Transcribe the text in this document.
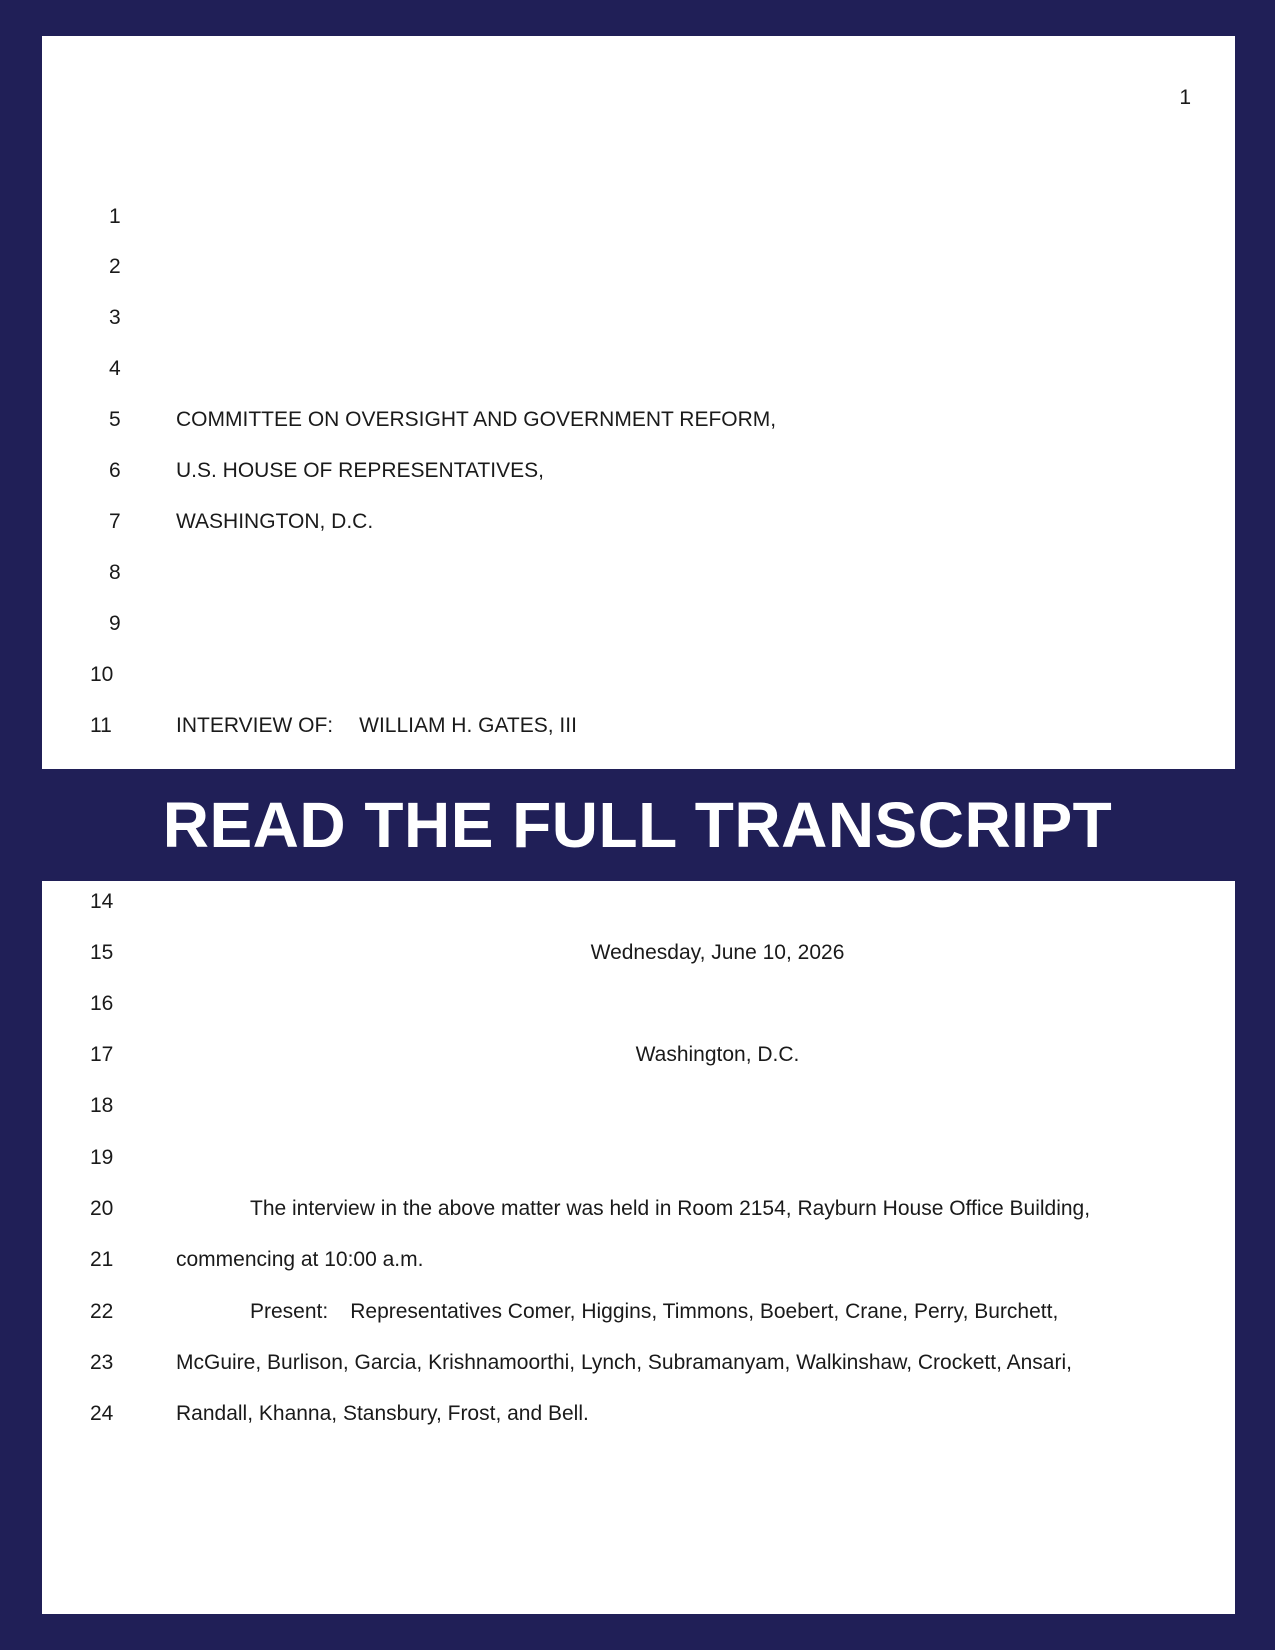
1
1
2
3
4
5	COMMITTEE ON OVERSIGHT AND GOVERNMENT REFORM,
6	U.S. HOUSE OF REPRESENTATIVES,
7	WASHINGTON, D.C.
8
9
10
11	INTERVIEW OF: WILLIAM H. GATES, III
READ THE FULL TRANSCRIPT
14
15	Wednesday, June 10, 2026
16
17	Washington, D.C.
18
19
20	The interview in the above matter was held in Room 2154, Rayburn House Office Building,
21	commencing at 10:00 a.m.
22	Present: Representatives Comer, Higgins, Timmons, Boebert, Crane, Perry, Burchett,
23	McGuire, Burlison, Garcia, Krishnamoorthi, Lynch, Subramanyam, Walkinshaw, Crockett, Ansari,
24	Randall, Khanna, Stansbury, Frost, and Bell.
